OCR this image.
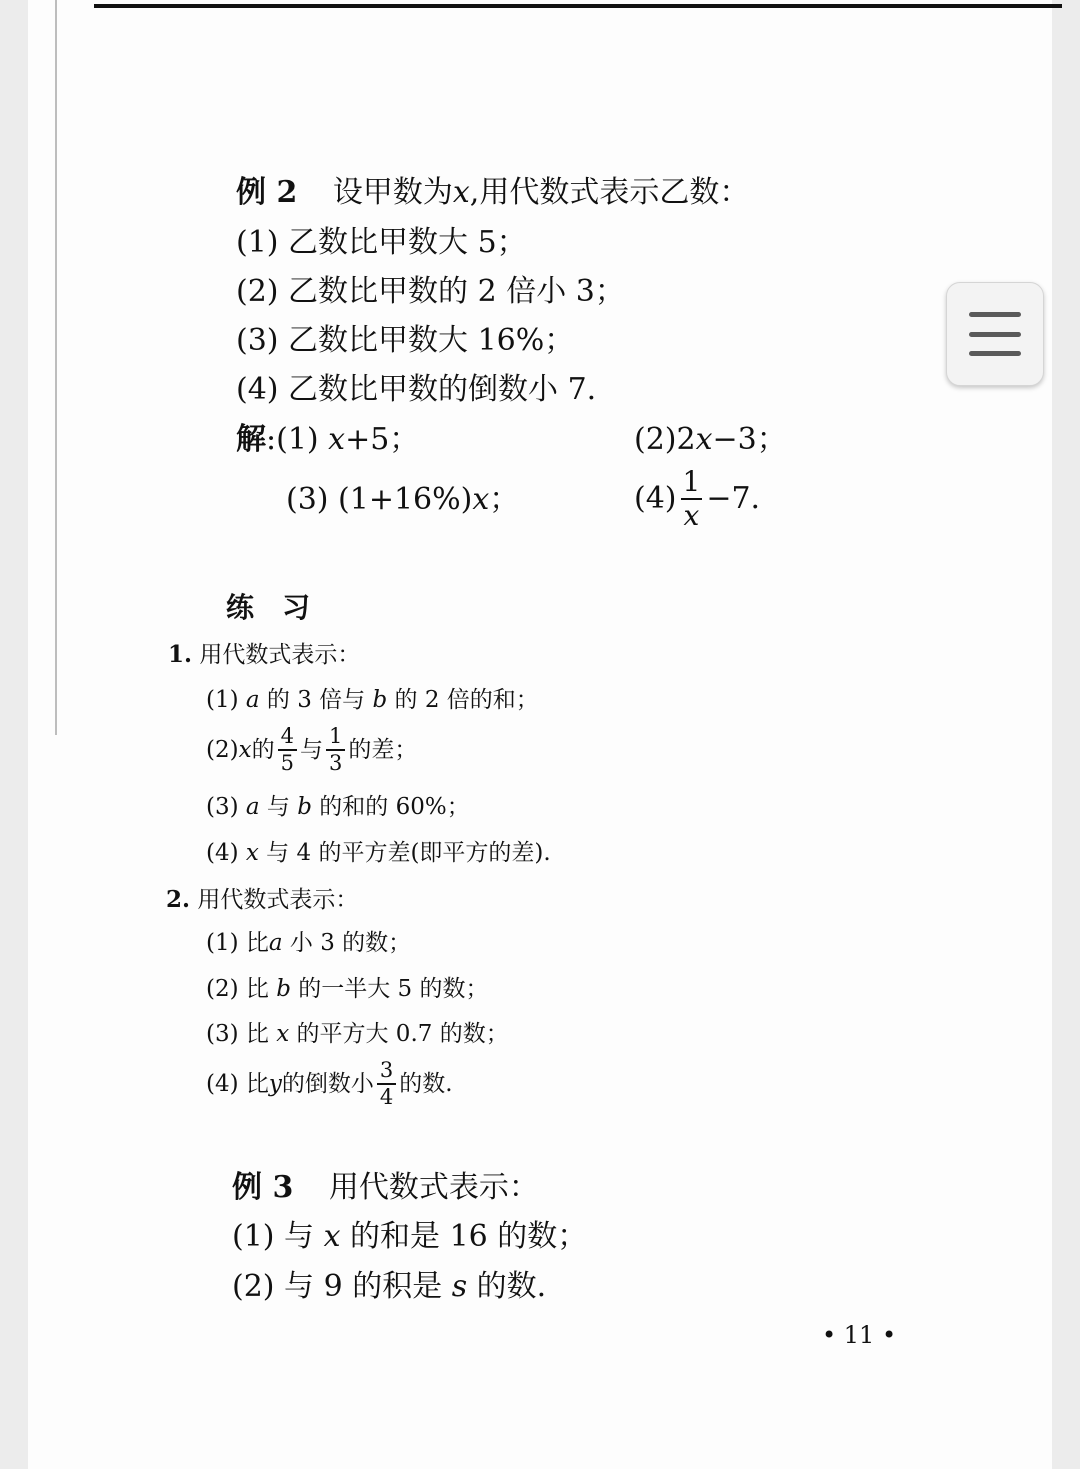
例 2 设甲数为x,用代数式表示乙数：
(1) 乙数比甲数大 5；
(2) 乙数比甲数的 2 倍小 3；
(3) 乙数比甲数大 16%；
(4) 乙数比甲数的倒数小 7.
解:(1) x+5；	(2)2x−3；
(3) (1+16%)x；	$(4) \frac{1}{x} -7$.
练　习
1. 用代数式表示：
(1) a 的 3 倍与 b 的 2 倍的和；
(2) x 的 $\frac{4}{5}$ 与 $\frac{1}{3}$ 的差；
(3) a 与 b 的和的 60%；
(4) x 与 4 的平方差(即平方的差).
2. 用代数式表示：
(1) 比a 小 3 的数；
(2) 比 b 的一半大 5 的数；
(3) 比 x 的平方大 0.7 的数；
(4) 比 y 的倒数小 $\frac{3}{4}$ 的数.
例 3 用代数式表示：
(1) 与 x 的和是 16 的数；
(2) 与 9 的积是 s 的数.
• 11 •
